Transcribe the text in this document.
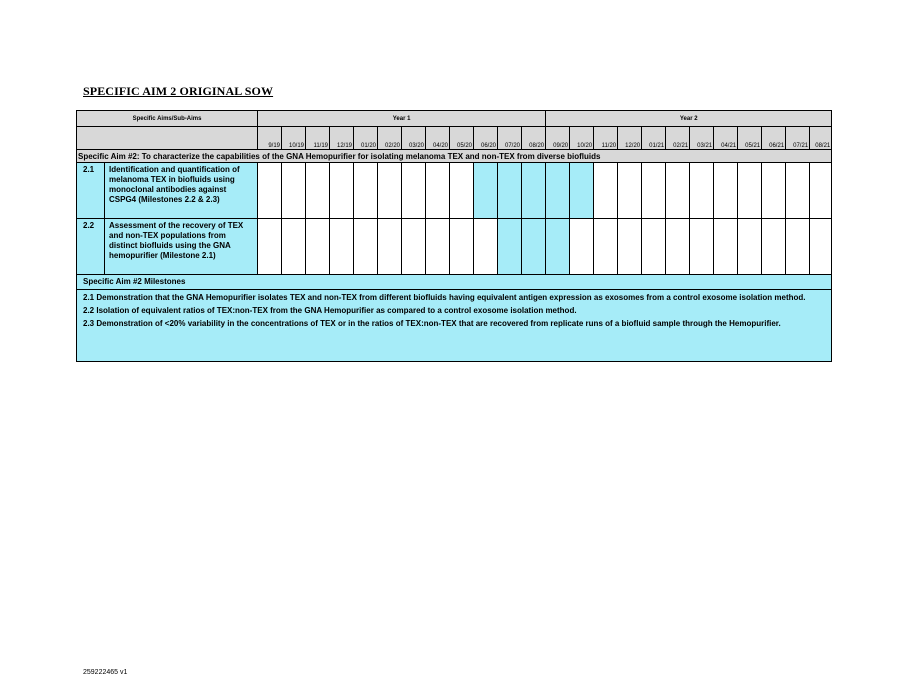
SPECIFIC AIM 2 ORIGINAL SOW
Specific Aims/Sub-Aims		Year 1												Year 2											
		9/19	10/19	11/19	12/19	01/20	02/20	03/20	04/20	05/20	06/20	07/20	08/20	09/20	10/20	11/20	12/20	01/21	02/21	03/21	04/21	05/21	06/21	07/21	08/21
Specific Aim #2: To characterize the capabilities of the GNA Hemopurifier for isolating melanoma TEX and non-TEX from diverse biofluids																									
2.1	Identification and quantification of melanoma TEX in biofluids using monoclonal antibodies against CSPG4 (Milestones 2.2 & 2.3)																								
2.2	Assessment of the recovery of TEX and non-TEX populations from distinct biofluids using the GNA hemopurifier (Milestone 2.1)																								
Specific Aim #2 Milestones																									

2.1 Demonstration that the GNA Hemopurifier isolates TEX and non-TEX from different biofluids having equivalent antigen expression as exosomes from a control exosome isolation method.

2.2 Isolation of equivalent ratios of TEX:non-TEX from the GNA Hemopurifier as compared to a control exosome isolation method.

2.3 Demonstration of <20% variability in the concentrations of TEX or in the ratios of TEX:non-TEX that are recovered from replicate runs of a biofluid sample through the Hemopurifier.																									

259222465 v1
